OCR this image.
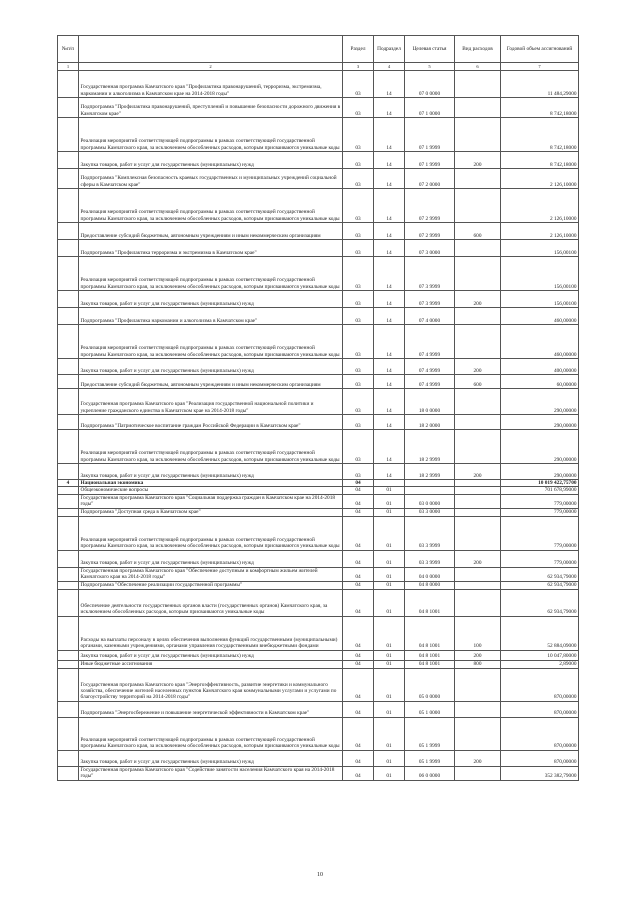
№п/п		Раздел	Подраздел	Целевая статья	Вид расходов	Годовой объем ассигнований
1	2	3	4	5	6	7
	Государственная программа Камчатского края "Профилактика правонарушений, терроризма, экстремизма, наркомании и алкоголизма в Камчатском крае на 2014-2018 годы"	03	14	07 0 0000		11 484,29000
	Подпрограмма "Профилактика правонарушений, преступлений и повышение безопасности дорожного движения в Камчатском крае"	03	14	07 1 0000		8 742,18000
	Реализация мероприятий соответствующей подпрограммы в рамках соответствующей государственной программы Камчатского края, за исключением обособленных расходов, которым присваиваются уникальные коды	03	14	07 1 9999		8 742,18000
	Закупка товаров, работ и услуг для государственных (муниципальных) нужд	03	14	07 1 9999	200	8 742,18000
	Подпрограмма "Комплексная безопасность краевых государственных и муниципальных учреждений социальной сферы в Камчатском крае"	03	14	07 2 0000		2 126,10000
	Реализация мероприятий соответствующей подпрограммы в рамках соответствующей государственной программы Камчатского края, за исключением обособленных расходов, которым присваиваются уникальные коды	03	14	07 2 9999		2 126,10000
	Предоставление субсидий бюджетным, автономным учреждениям и иным некоммерческим организациям	03	14	07 2 9999	600	2 126,10000
	Подпрограмма "Профилактика терроризма и экстремизма в Камчатском крае"	03	14	07 3 0000		156,00100
	Реализация мероприятий соответствующей подпрограммы в рамках соответствующей государственной программы Камчатского края, за исключением обособленных расходов, которым присваиваются уникальные коды	03	14	07 3 9999		156,00100
	Закупка товаров, работ и услуг для государственных (муниципальных) нужд	03	14	07 3 9999	200	156,00100
	Подпрограмма "Профилактика наркомании и алкоголизма в Камчатском крае"	03	14	07 4 0000		460,00000
	Реализация мероприятий соответствующей подпрограммы в рамках соответствующей государственной программы Камчатского края, за исключением обособленных расходов, которым присваиваются уникальные коды	03	14	07 4 9999		460,00000
	Закупка товаров, работ и услуг для государственных (муниципальных) нужд	03	14	07 4 9999	200	400,00000
	Предоставление субсидий бюджетным, автономным учреждениям и иным некоммерческим организациям	03	14	07 4 9999	600	60,00000
	Государственная программа Камчатского края "Реализация государственной национальной политики и укрепление гражданского единства в Камчатском крае на 2014-2018 годы"	03	14	18 0 0000		290,00000
	Подпрограмма "Патриотическое воспитание граждан Российской Федерации в Камчатском крае"	03	14	18 2 0000		290,00000
	Реализация мероприятий соответствующей подпрограммы в рамках соответствующей государственной программы Камчатского края, за исключением обособленных расходов, которым присваиваются уникальные коды	03	14	18 2 9999		290,00000
	Закупка товаров, работ и услуг для государственных (муниципальных) нужд	03	14	18 2 9999	200	290,00000
4	Национальная экономика	04				10 019 422,75700
	Общеэкономические вопросы	04	01			701 678,99000
	Государственная программа Камчатского края "Социальная поддержка граждан в Камчатском крае на 2014-2018 годы"	04	01	03 0 0000		779,00000
	Подпрограмма "Доступная среда в Камчатском крае"	04	01	03 3 0000		779,00000
	Реализация мероприятий соответствующей подпрограммы в рамках соответствующей государственной программы Камчатского края, за исключением обособленных расходов, которым присваиваются уникальные коды	04	01	03 3 9999		779,00000
	Закупка товаров, работ и услуг для государственных (муниципальных) нужд	04	01	03 3 9999	200	779,00000
	Государственная программа Камчатского края "Обеспечение доступным и комфортным жильем жителей Камчатского края на 2014-2018 годы"	04	01	04 0 0000		62 934,79000
	Подпрограмма "Обеспечение реализации государственной программы"	04	01	04 8 0000		62 934,79000
	Обеспечение деятельности государственных органов власти (государственных органов) Камчатского края, за исключением обособленных расходов, которым присваиваются уникальные коды	04	01	04 8 1001		62 934,79000
	Расходы на выплаты персоналу в целях обеспечения выполнения функций государственными (муниципальными) органами, казенными учреждениями, органами управления государственными внебюджетными фондами	04	01	04 8 1001	100	52 884,09000
	Закупка товаров, работ и услуг для государственных (муниципальных) нужд	04	01	04 8 1001	200	10 047,80000
	Иные бюджетные ассигнования	04	01	04 8 1001	800	2,89000
	Государственная программа Камчатского края "Энергоэффективность, развитие энергетики и коммунального хозяйства, обеспечение жителей населенных пунктов Камчатского края коммунальными услугами и услугами по благоустройству территорий на 2014-2018 годы"	04	01	05 0 0000		870,00000
	Подпрограмма "Энергосбережение и повышение энергетической эффективности в Камчатском крае"	04	01	05 1 0000		870,00000
	Реализация мероприятий соответствующей подпрограммы в рамках соответствующей государственной программы Камчатского края, за исключением обособленных расходов, которым присваиваются уникальные коды	04	01	05 1 9999		870,00000
	Закупка товаров, работ и услуг для государственных (муниципальных) нужд	04	01	05 1 9999	200	870,00000
	Государственная программа Камчатского края "Содействие занятости населения Камчатского края на 2014-2018 годы"	04	01	06 0 0000		352 382,79000
10
